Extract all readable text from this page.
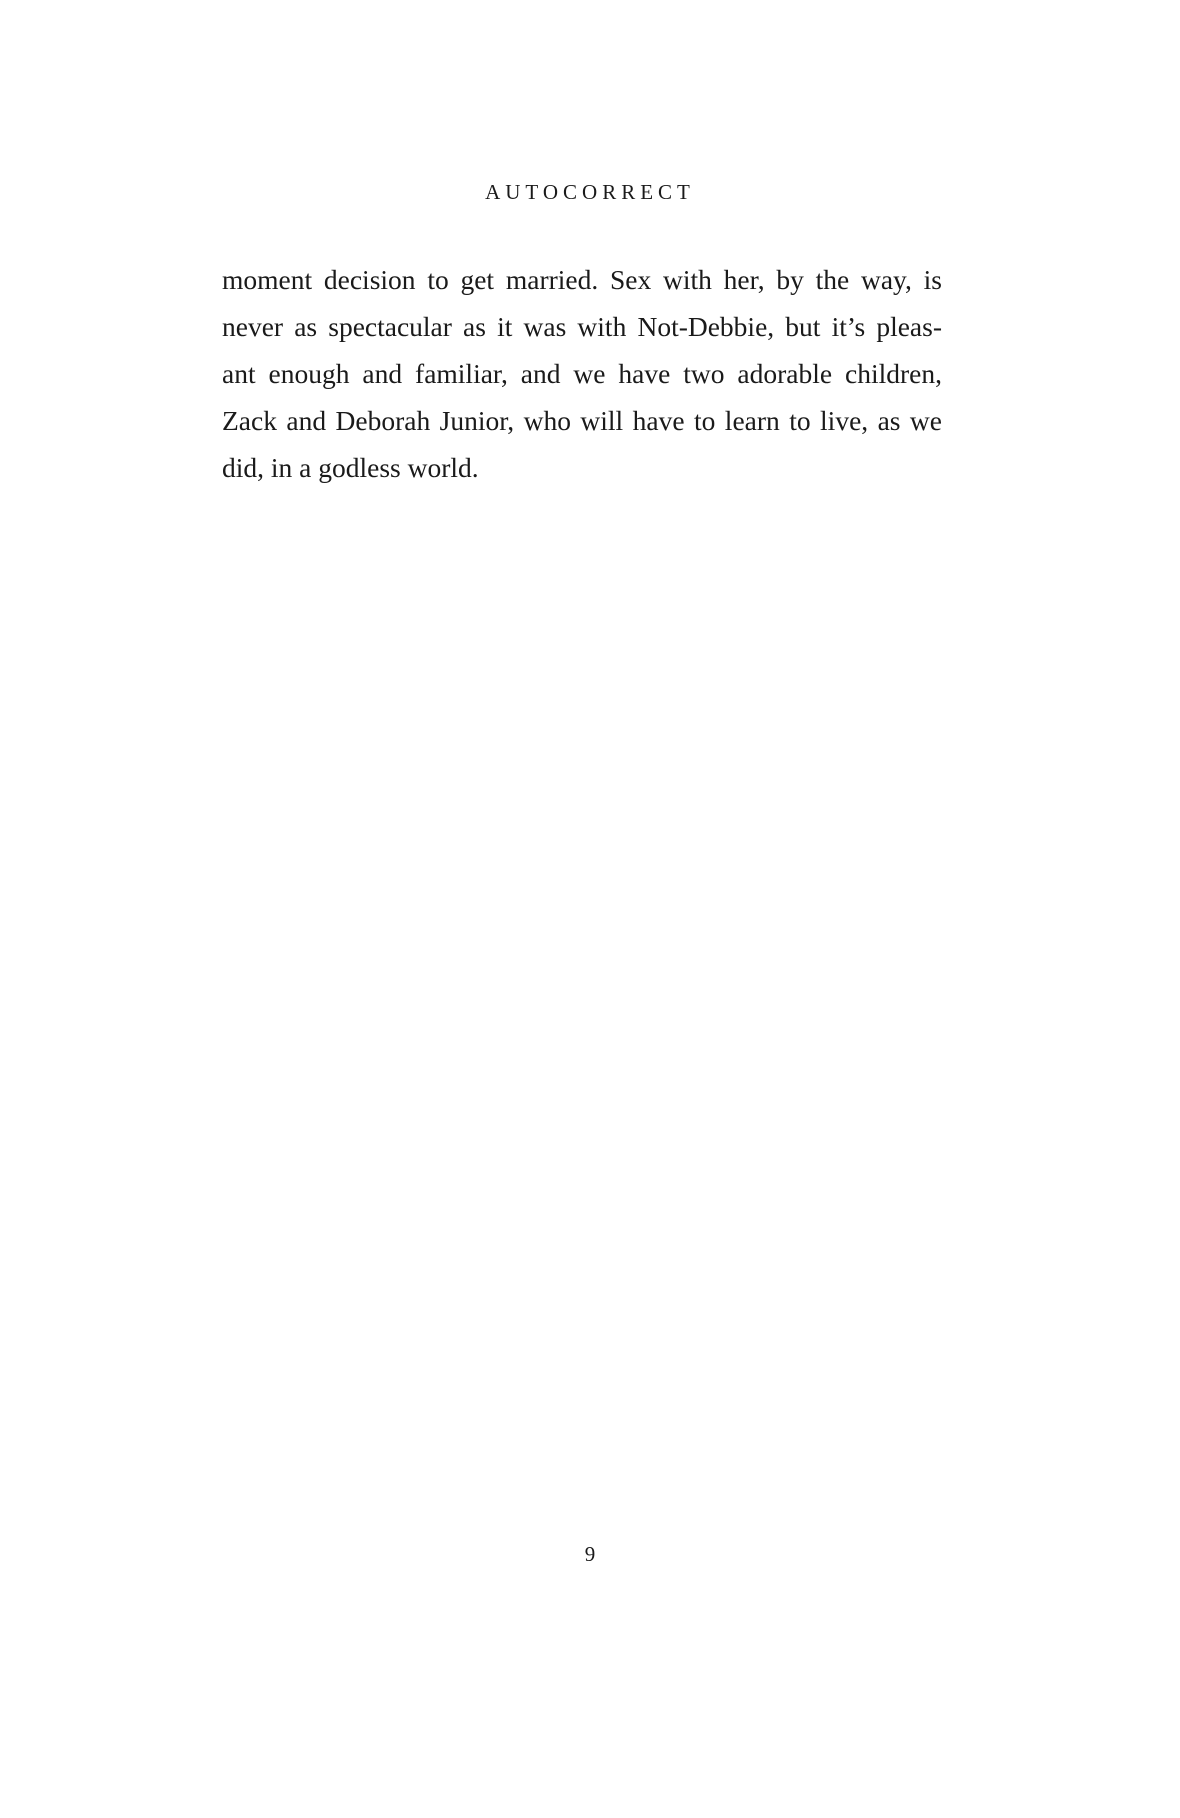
AUTOCORRECT
moment decision to get married. Sex with her, by the way, is
never as spectacular as it was with Not-Debbie, but it’s pleas-
ant enough and familiar, and we have two adorable children,
Zack and Deborah Junior, who will have to learn to live, as we
did, in a godless world.
9
